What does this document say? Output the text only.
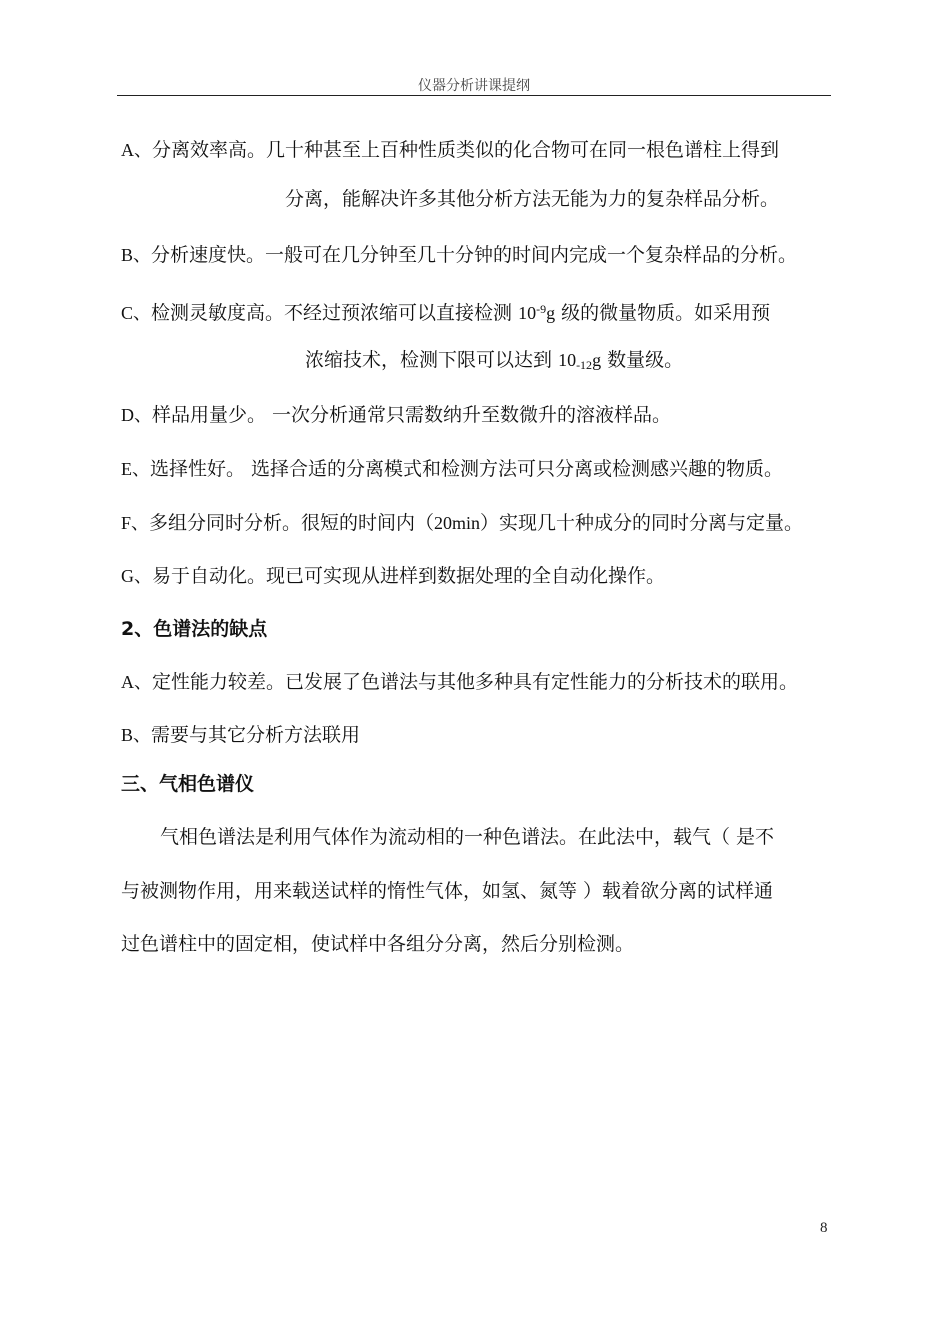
仪器分析讲课提纲
A、分离效率高。几十种甚至上百种性质类似的化合物可在同一根色谱柱上得到
分离，能解决许多其他分析方法无能为力的复杂样品分析。
B、分析速度快。一般可在几分钟至几十分钟的时间内完成一个复杂样品的分析。
C、检测灵敏度高。不经过预浓缩可以直接检测 $10^{-9}g$ 级的微量物质。如采用预
浓缩技术，检测下限可以达到 $10_{-12}g$ 数量级。
D、样品用量少。 一次分析通常只需数纳升至数微升的溶液样品。
E、选择性好。 选择合适的分离模式和检测方法可只分离或检测感兴趣的物质。
F、多组分同时分析。很短的时间内（20min）实现几十种成分的同时分离与定量。
G、易于自动化。现已可实现从进样到数据处理的全自动化操作。
2、色谱法的缺点
A、定性能力较差。已发展了色谱法与其他多种具有定性能力的分析技术的联用。
B、需要与其它分析方法联用
三、气相色谱仪
气相色谱法是利用气体作为流动相的一种色谱法。在此法中，载气（ 是不
与被测物作用，用来载送试样的惰性气体，如氢、氮等 ）载着欲分离的试样通
过色谱柱中的固定相，使试样中各组分分离，然后分别检测。
8
